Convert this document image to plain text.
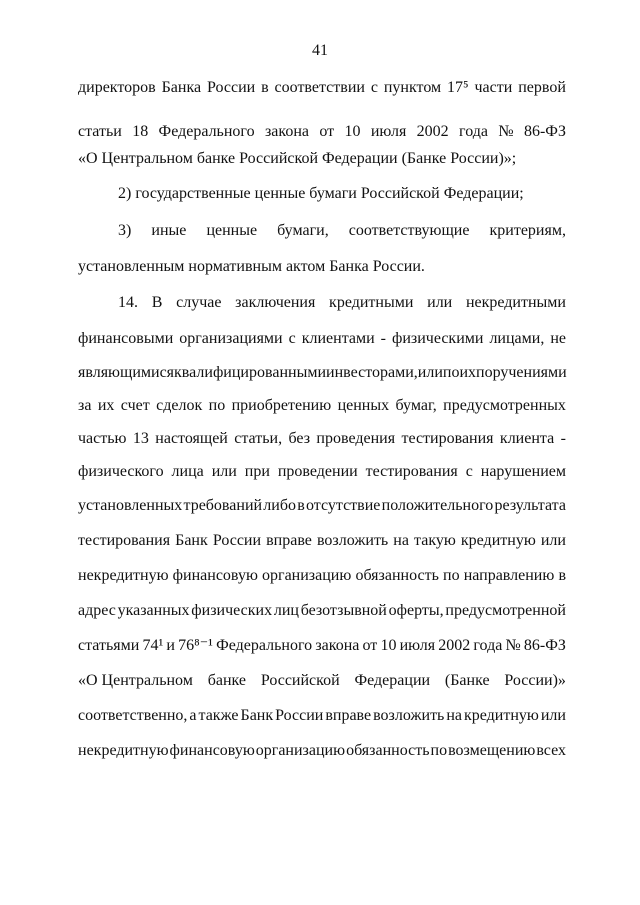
41
директоров Банка России в соответствии с пунктом 17⁵ части первой
статьи 18 Федерального закона от 10 июля 2002 года № 86-ФЗ
«О Центральном банке Российской Федерации (Банке России)»;
2) государственные ценные бумаги Российской Федерации;
3) иные ценные бумаги, соответствующие критериям,
установленным нормативным актом Банка России.
14. В случае заключения кредитными или некредитными
финансовыми организациями с клиентами - физическими лицами, не
являющимися квалифицированными инвесторами, или по их поручениям и
за их счет сделок по приобретению ценных бумаг, предусмотренных
частью 13 настоящей статьи, без проведения тестирования клиента -
физического лица или при проведении тестирования с нарушением
установленных требований либо в отсутствие положительного результата
тестирования Банк России вправе возложить на такую кредитную или
некредитную финансовую организацию обязанность по направлению в
адрес указанных физических лиц безотзывной оферты, предусмотренной
статьями 74¹ и 76⁸⁻¹ Федерального закона от 10 июля 2002 года № 86-ФЗ
«О Центральном банке Российской Федерации (Банке России)»
соответственно, а также Банк России вправе возложить на кредитную или
некредитную финансовую организацию обязанность по возмещению всех
